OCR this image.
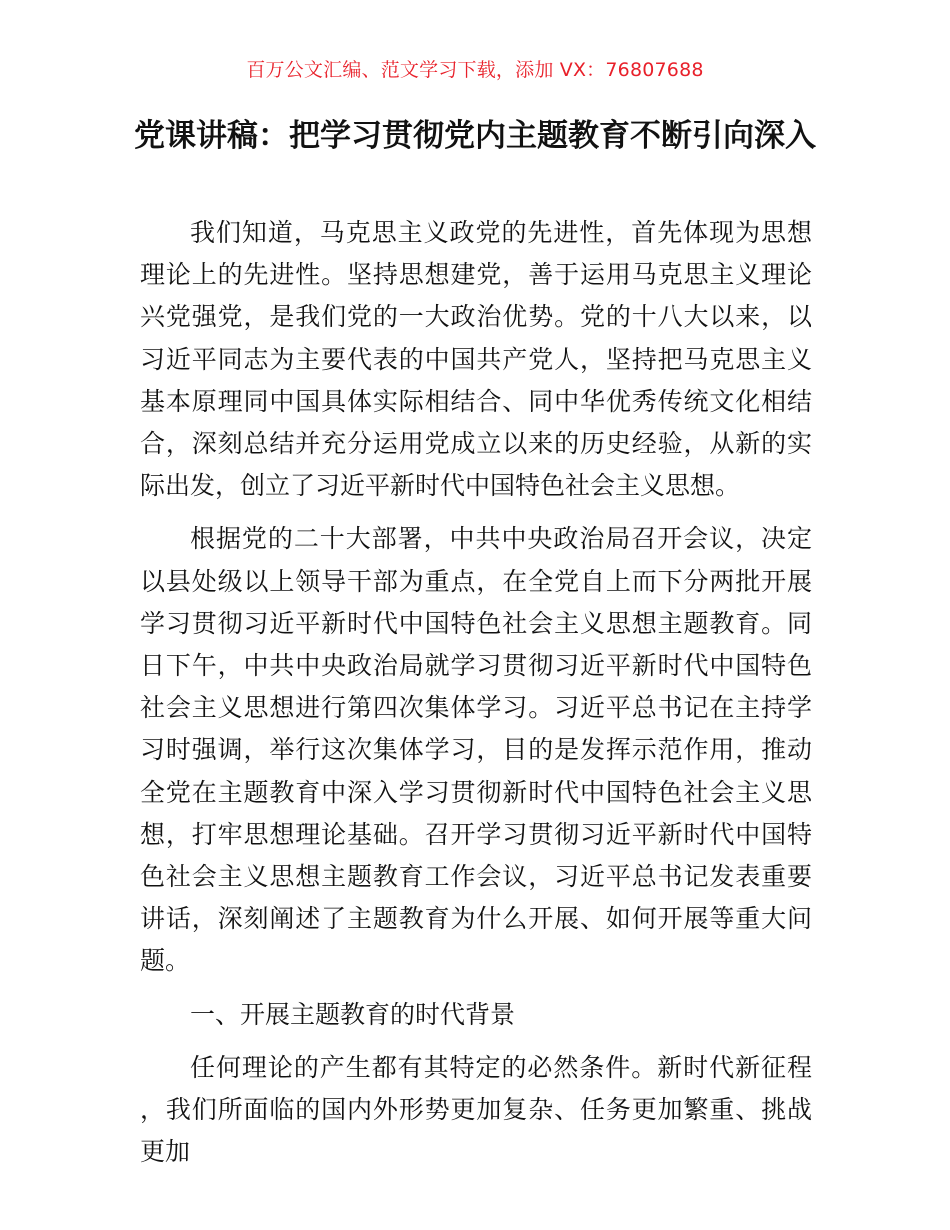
百万公文汇编、范文学习下载，添加 VX：76807688
党课讲稿：把学习贯彻党内主题教育不断引向深入

我们知道，马克思主义政党的先进性，首先体现为思想理论上的先进性。坚持思想建党，善于运用马克思主义理论兴党强党，是我们党的一大政治优势。党的十八大以来，以习近平同志为主要代表的中国共产党人，坚持把马克思主义基本原理同中国具体实际相结合、同中华优秀传统文化相结合，深刻总结并充分运用党成立以来的历史经验，从新的实际出发，创立了习近平新时代中国特色社会主义思想。

根据党的二十大部署，中共中央政治局召开会议，决定以县处级以上领导干部为重点，在全党自上而下分两批开展学习贯彻习近平新时代中国特色社会主义思想主题教育。同日下午，中共中央政治局就学习贯彻习近平新时代中国特色社会主义思想进行第四次集体学习。习近平总书记在主持学习时强调，举行这次集体学习，目的是发挥示范作用，推动全党在主题教育中深入学习贯彻新时代中国特色社会主义思想，打牢思想理论基础。召开学习贯彻习近平新时代中国特色社会主义思想主题教育工作会议，习近平总书记发表重要讲话，深刻阐述了主题教育为什么开展、如何开展等重大问题。

一、开展主题教育的时代背景

任何理论的产生都有其特定的必然条件。新时代新征程，我们所面临的国内外形势更加复杂、任务更加繁重、挑战更加
